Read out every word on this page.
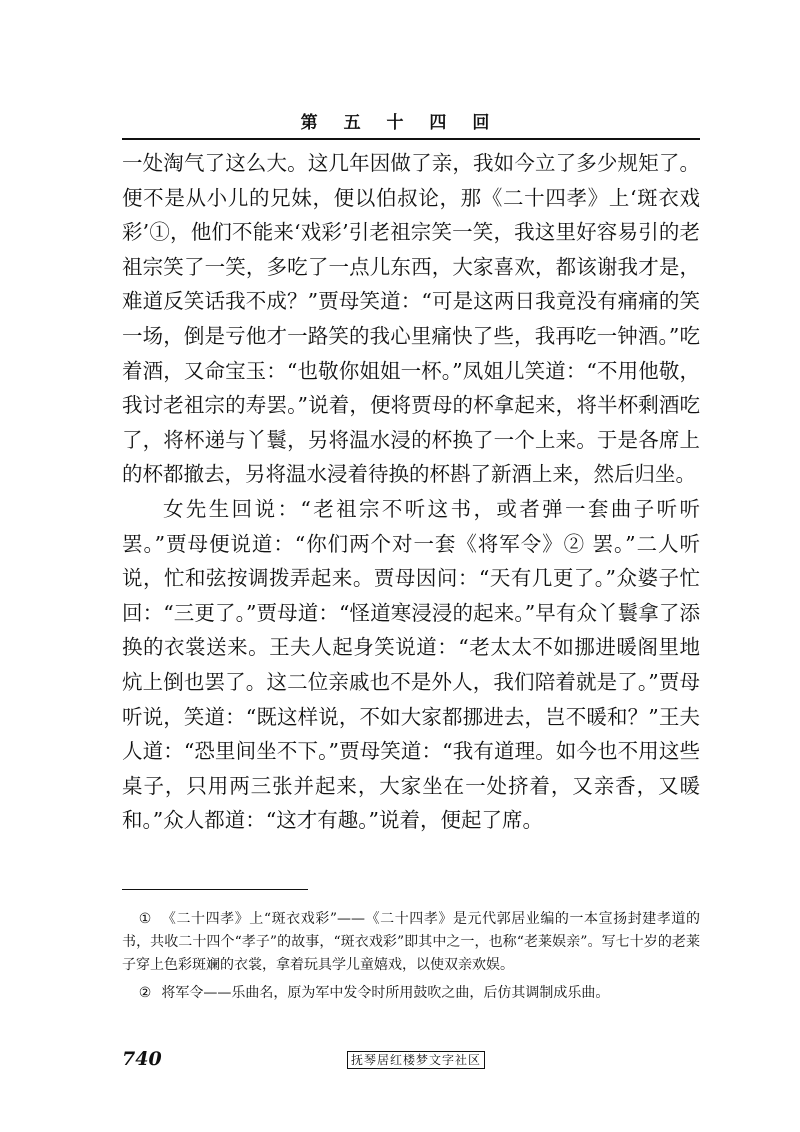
第 五 十 四 回

一处淘气了这么大。这几年因做了亲，我如今立了多少规矩了。便不是从小儿的兄妹，便以伯叔论，那《二十四孝》上‘斑衣戏彩’①，他们不能来‘戏彩’引老祖宗笑一笑，我这里好容易引的老祖宗笑了一笑，多吃了一点儿东西，大家喜欢，都该谢我才是，难道反笑话我不成？”贾母笑道：“可是这两日我竟没有痛痛的笑一场，倒是亏他才一路笑的我心里痛快了些，我再吃一钟酒。”吃着酒，又命宝玉：“也敬你姐姐一杯。”凤姐儿笑道：“不用他敬，我讨老祖宗的寿罢。”说着，便将贾母的杯拿起来，将半杯剩酒吃了，将杯递与丫鬟，另将温水浸的杯换了一个上来。于是各席上的杯都撤去，另将温水浸着待换的杯斟了新酒上来，然后归坐。

女先生回说：“老祖宗不听这书，或者弹一套曲子听听罢。”贾母便说道：“你们两个对一套《将军令》② 罢。”二人听说，忙和弦按调拨弄起来。贾母因问：“天有几更了。”众婆子忙回：“三更了。”贾母道：“怪道寒浸浸的起来。”早有众丫鬟拿了添换的衣裳送来。王夫人起身笑说道：“老太太不如挪进暖阁里地炕上倒也罢了。这二位亲戚也不是外人，我们陪着就是了。”贾母听说，笑道：“既这样说，不如大家都挪进去，岂不暖和？”王夫人道：“恐里间坐不下。”贾母笑道：“我有道理。如今也不用这些桌子，只用两三张并起来，大家坐在一处挤着，又亲香，又暖和。”众人都道：“这才有趣。”说着，便起了席。

① 《二十四孝》上“斑衣戏彩”——《二十四孝》是元代郭居业编的一本宣扬封建孝道的书，共收二十四个“孝子”的故事，“斑衣戏彩”即其中之一，也称“老莱娱亲”。写七十岁的老莱子穿上色彩斑斓的衣裳，拿着玩具学儿童嬉戏，以使双亲欢娱。

② 将军令——乐曲名，原为军中发令时所用鼓吹之曲，后仿其调制成乐曲。

740	抚琴居红楼梦文字社区
